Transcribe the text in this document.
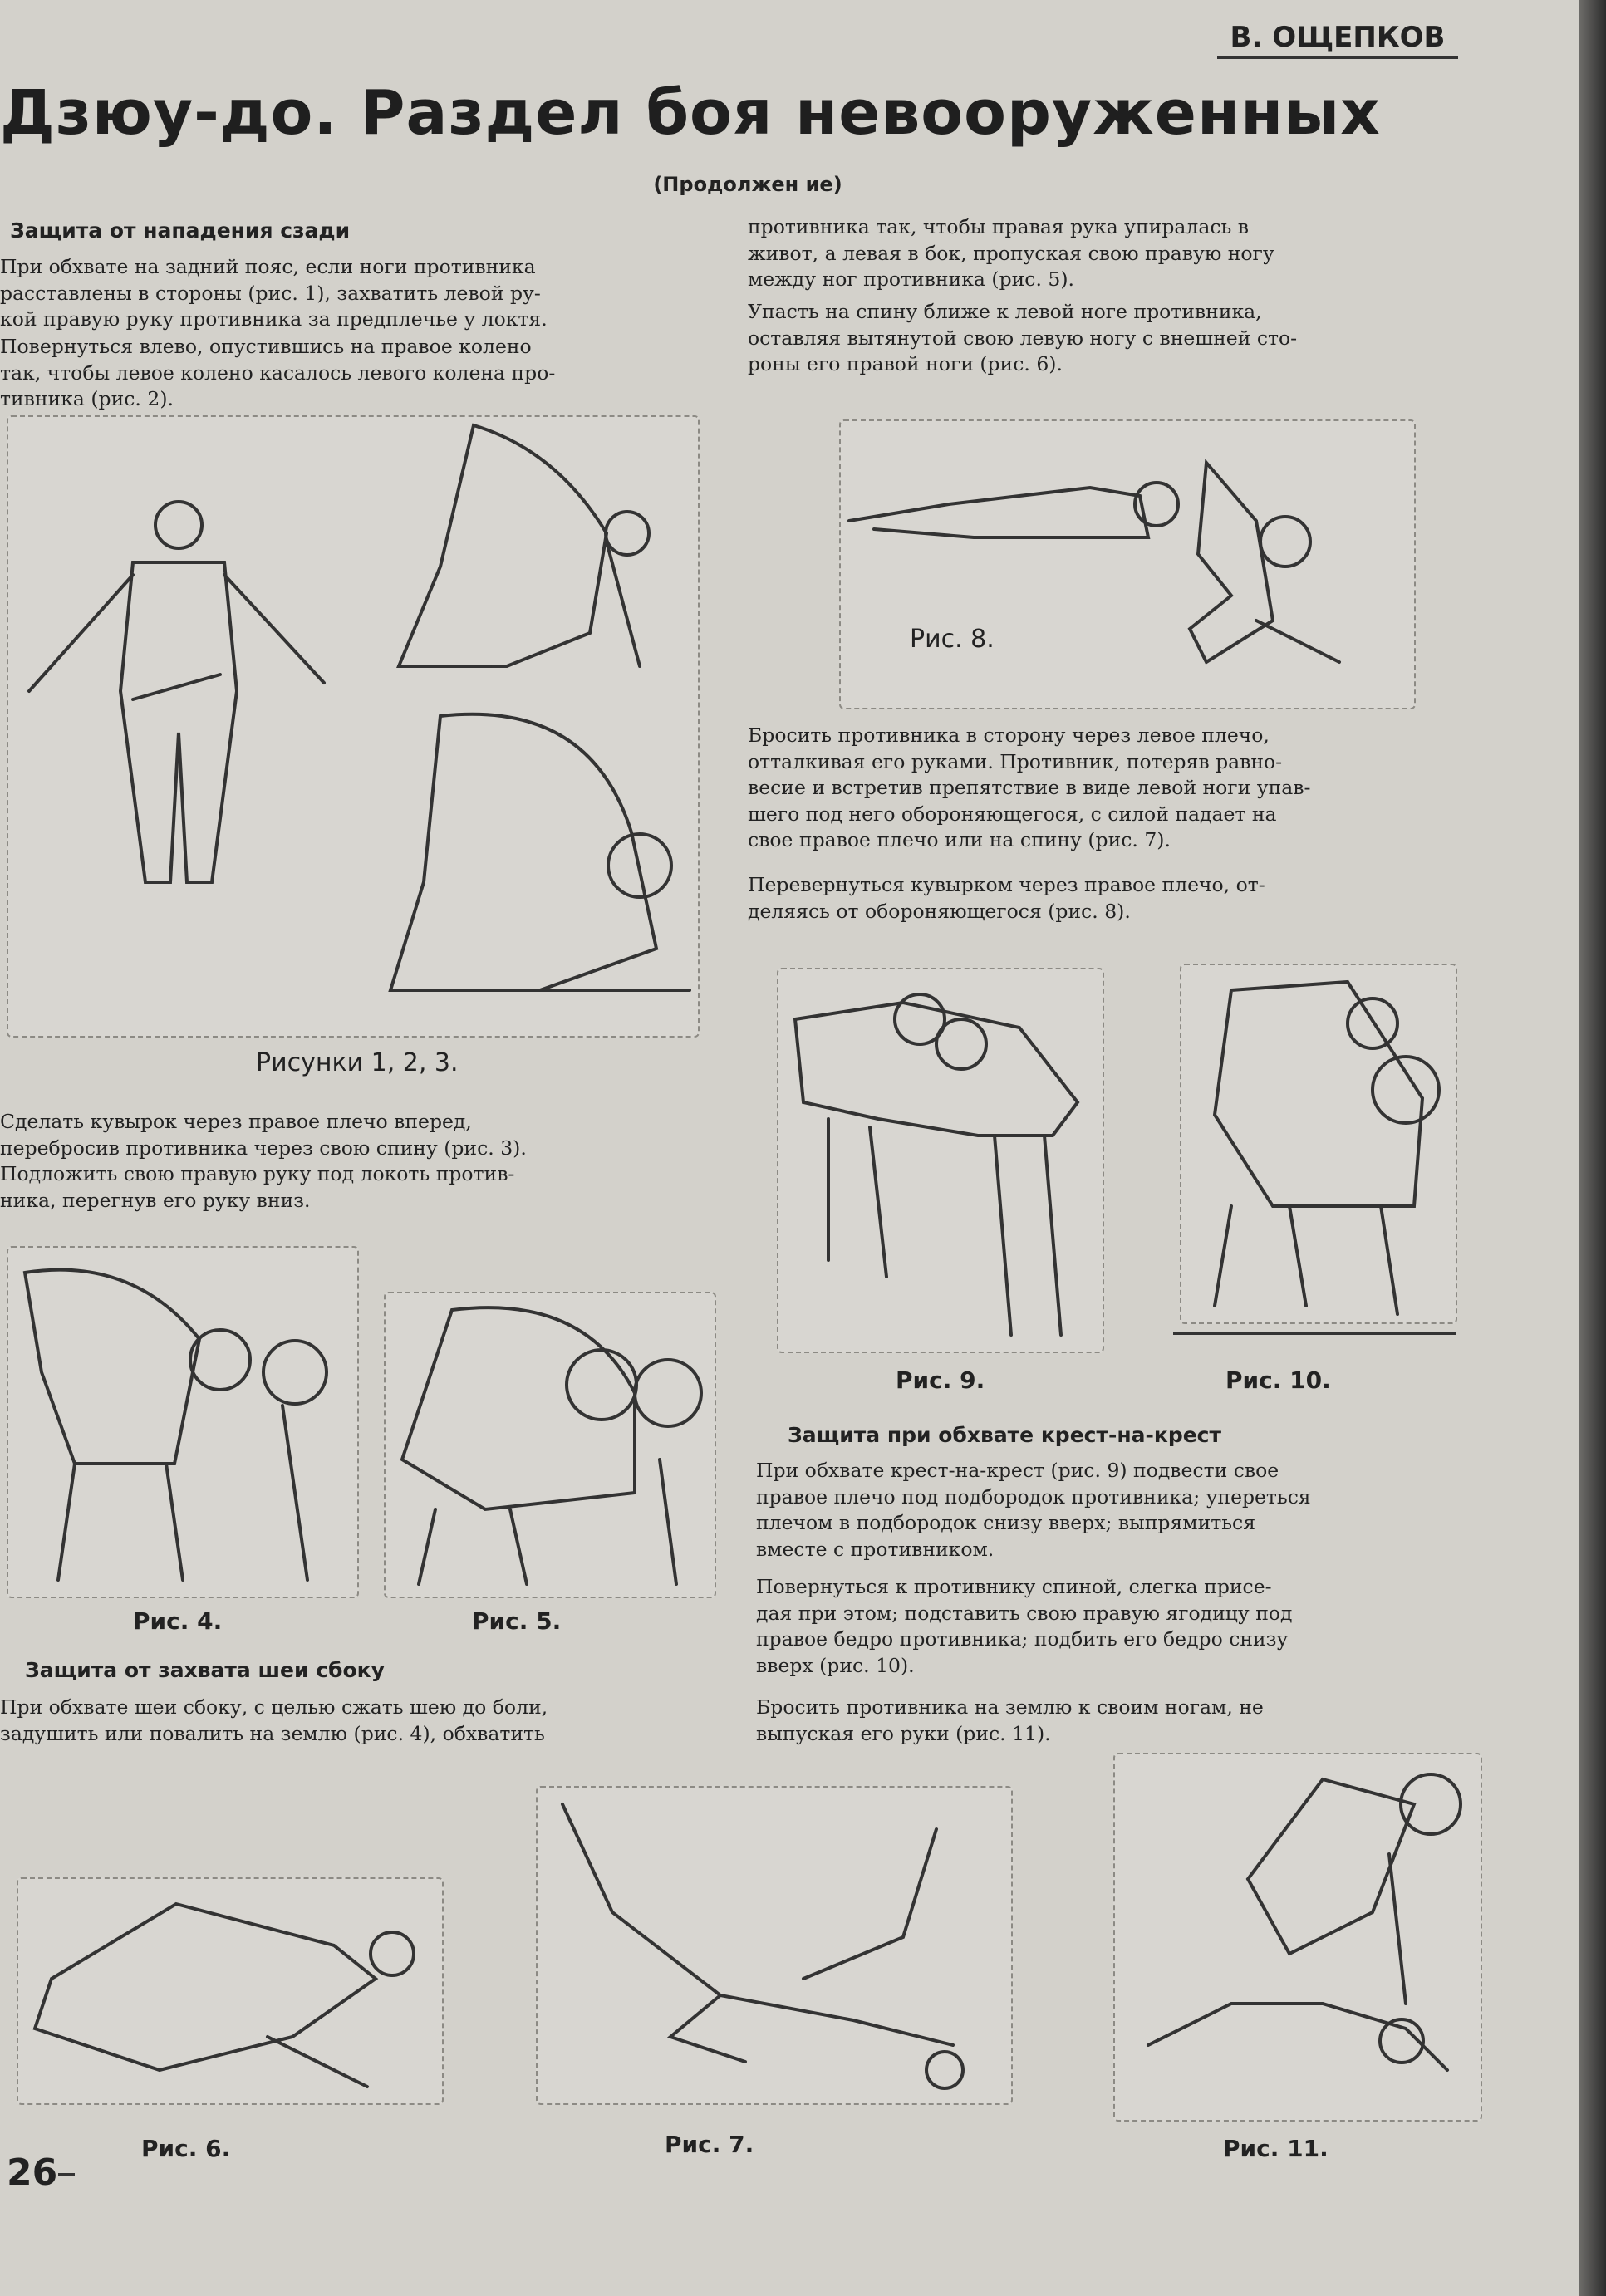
В. ОЩЕПКОВ
Дзюу-до. Раздел боя невооруженных
(Продолжен ие)
Защита от нападения сзади
При обхвате на задний пояс, если ноги противника
расставлены в стороны (рис. 1), захватить левой ру-
кой правую руку противника за предплечье у локтя.
Повернуться влево, опустившись на правое колено
так, чтобы левое колено касалось левого колена про-
тивника (рис. 2).
Рисунки 1, 2, 3.
Сделать кувырок через правое плечо вперед,
перебросив противника через свою спину (рис. 3).
Подложить свою правую руку под локоть против-
ника, перегнув его руку вниз.
Рис. 4.	Рис. 5.
Защита от захвата шеи сбоку
При обхвате шеи сбоку, с целью сжать шею до боли,
задушить или повалить на землю (рис. 4), обхватить
противника так, чтобы правая рука упиралась в
живот, а левая в бок, пропуская свою правую ногу
между ног противника (рис. 5).
Упасть на спину ближе к левой ноге противника,
оставляя вытянутой свою левую ногу с внешней сто-
роны его правой ноги (рис. 6).
Рис. 8.
Бросить противника в сторону через левое плечо,
отталкивая его руками. Противник, потеряв равно-
весие и встретив препятствие в виде левой ноги упав-
шего под него обороняющегося, с силой падает на
свое правое плечо или на спину (рис. 7).
Перевернуться кувырком через правое плечо, от-
деляясь от обороняющегося (рис. 8).
Рис. 9.	Рис. 10.
Защита при обхвате крест-на-крест
При обхвате крест-на-крест (рис. 9) подвести свое
правое плечо под подбородок противника; упереться
плечом в подбородок снизу вверх; выпрямиться
вместе с противником.
Повернуться к противнику спиной, слегка присе-
дая при этом; подставить свою правую ягодицу под
правое бедро противника; подбить его бедро снизу
вверх (рис. 10).
Бросить противника на землю к своим ногам, не
выпуская его руки (рис. 11).
Рис. 6.	Рис. 7.	Рис. 11.
26
